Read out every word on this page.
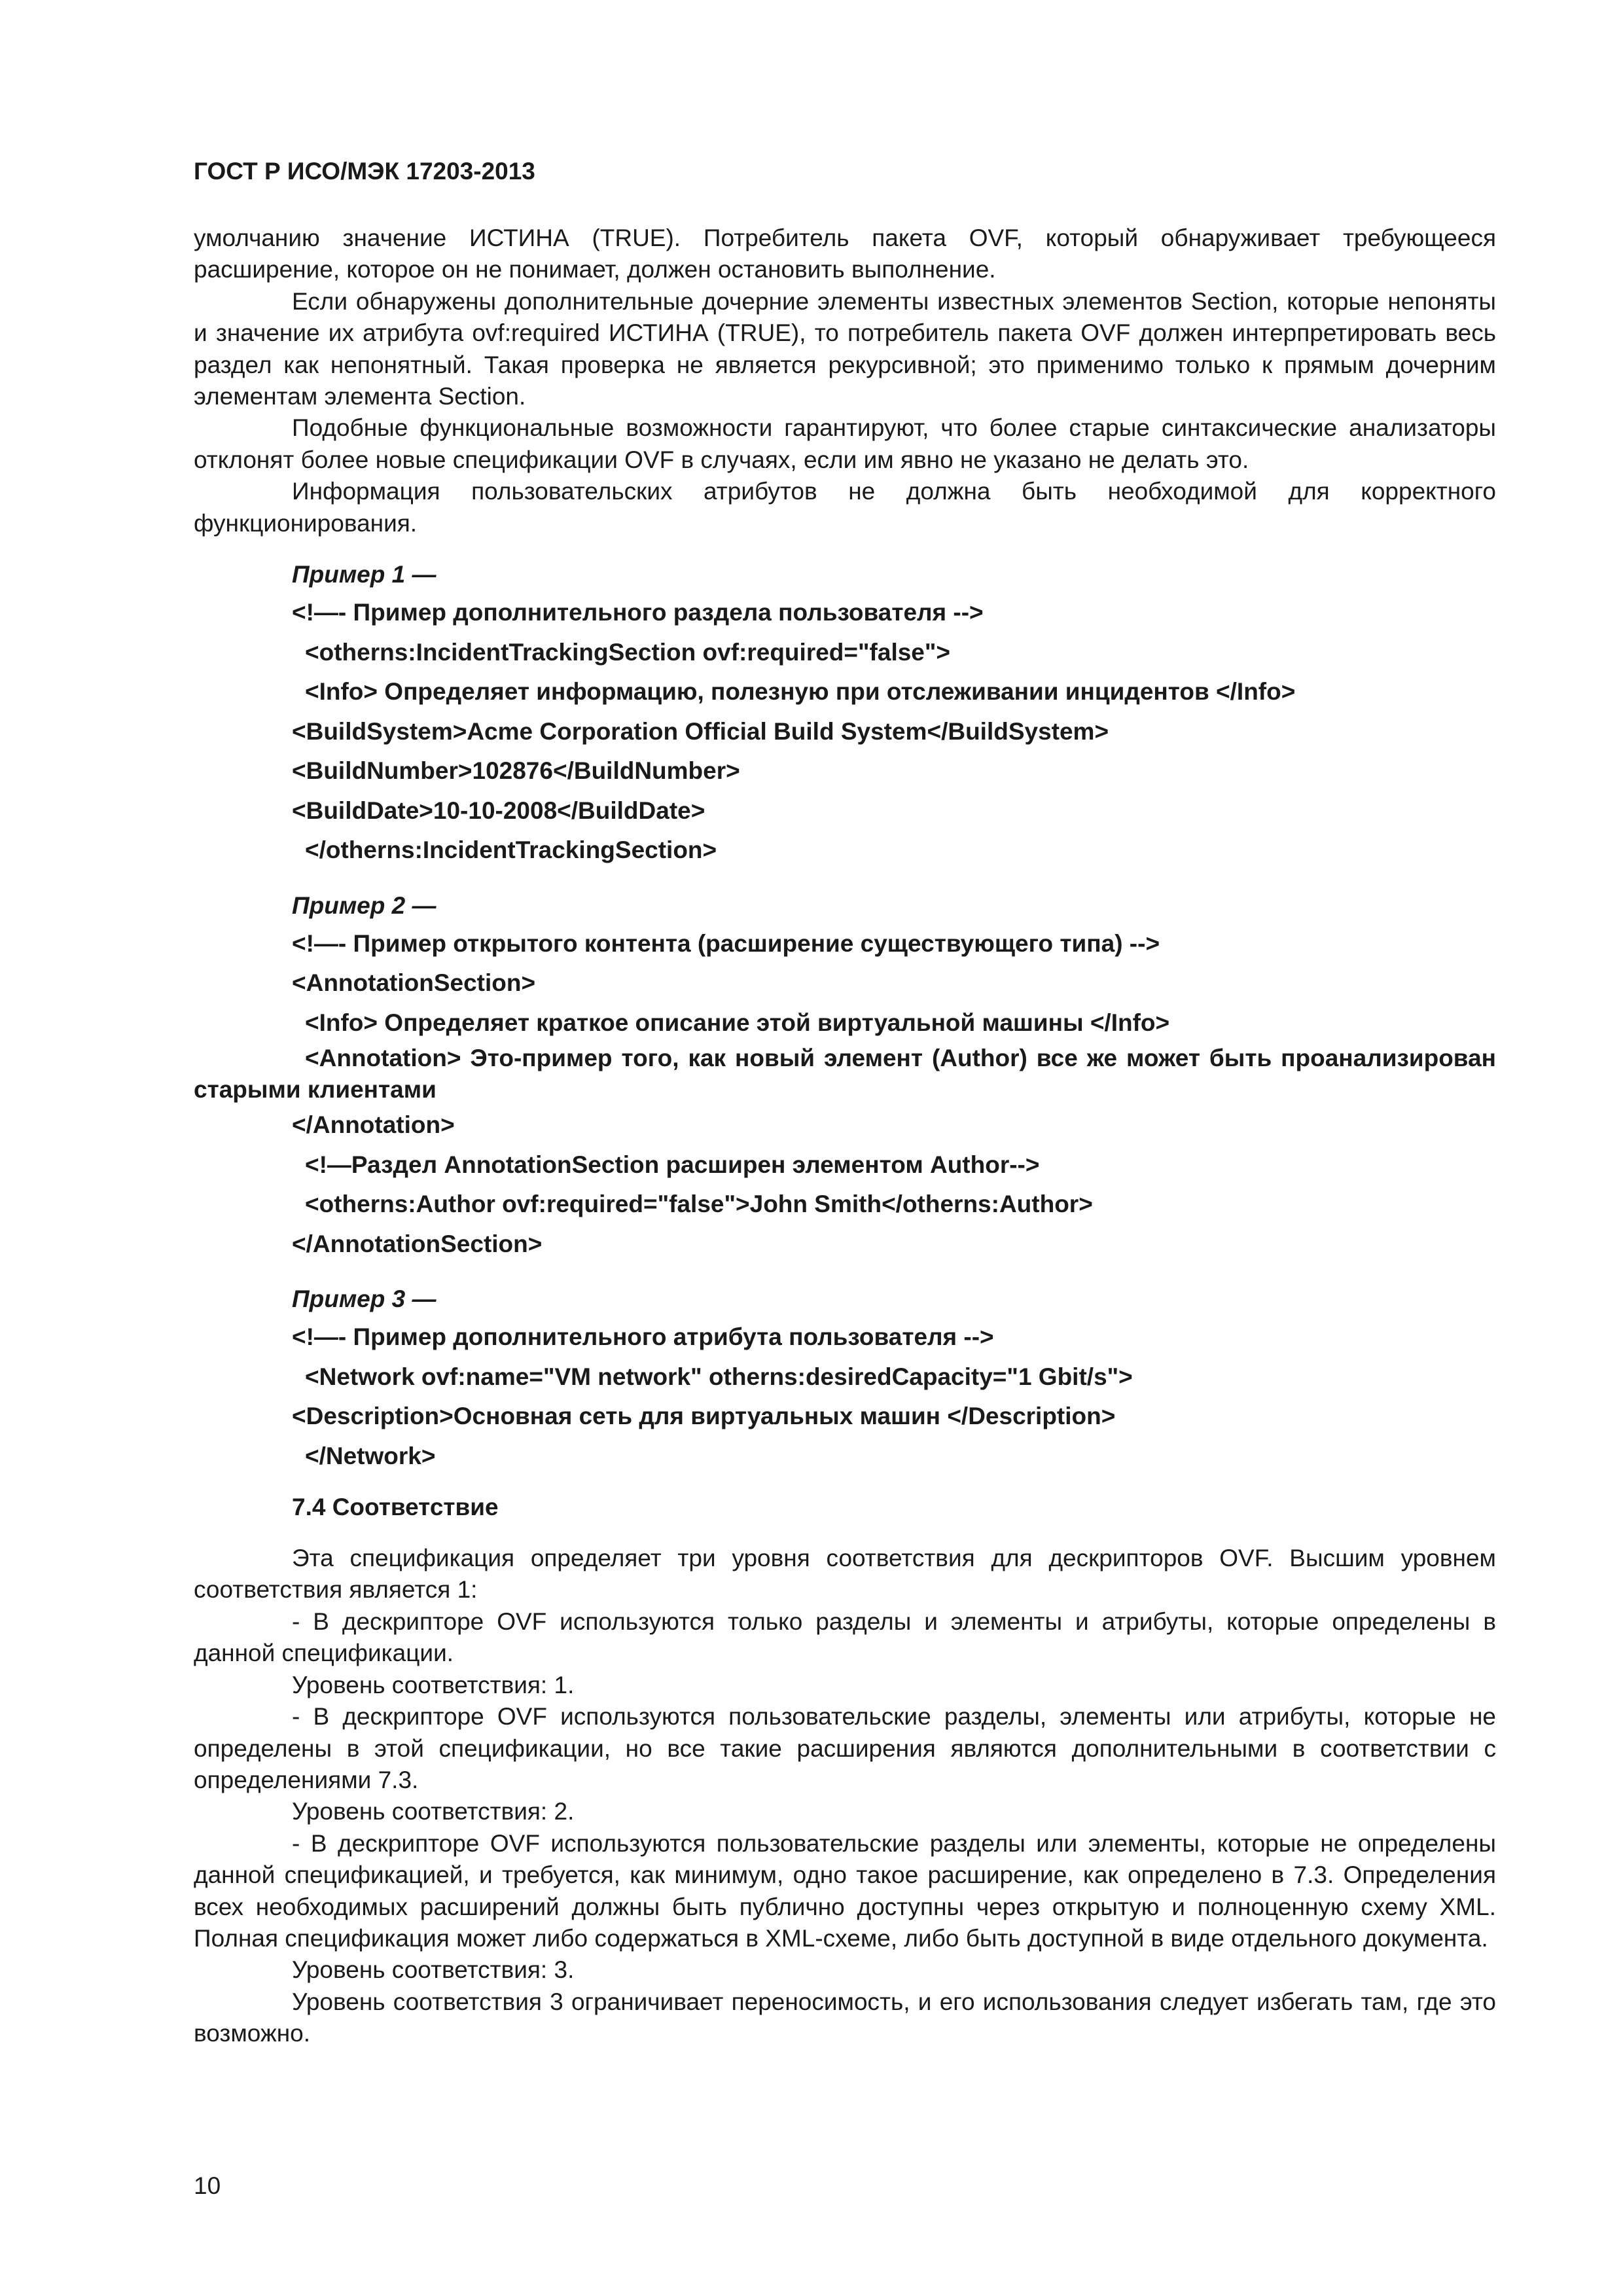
ГОСТ Р ИСО/МЭК 17203-2013

умолчанию значение ИСТИНА (TRUE). Потребитель пакета OVF, который обнаруживает требующееся расширение, которое он не понимает, должен остановить выполнение.

Если обнаружены дополнительные дочерние элементы известных элементов Section, которые непоняты и значение их атрибута ovf:required ИСТИНА (TRUE), то потребитель пакета OVF должен интерпретировать весь раздел как непонятный. Такая проверка не является рекурсивной; это применимо только к прямым дочерним элементам элемента Section.

Подобные функциональные возможности гарантируют, что более старые синтаксические анализаторы отклонят более новые спецификации OVF в случаях, если им явно не указано не делать это.

Информация пользовательских атрибутов не должна быть необходимой для корректного функционирования.

Пример 1 —
<!—- Пример дополнительного раздела пользователя -->
<otherns:IncidentTrackingSection ovf:required="false">
<Info> Определяет информацию, полезную при отслеживании инцидентов </Info>
<BuildSystem>Acme Corporation Official Build System</BuildSystem>
<BuildNumber>102876</BuildNumber>
<BuildDate>10-10-2008</BuildDate>
</otherns:IncidentTrackingSection>
Пример 2 —
<!—- Пример открытого контента (расширение существующего типа) -->
<AnnotationSection>
<Info> Определяет краткое описание этой виртуальной машины </Info>

<Annotation> Это-пример того, как новый элемент (Author) все же может быть проанализирован старыми клиентами

</Annotation>
<!—Раздел AnnotationSection расширен элементом Author-->
<otherns:Author ovf:required="false">John Smith</otherns:Author>
</AnnotationSection>
Пример 3 —
<!—- Пример дополнительного атрибута пользователя -->
<Network ovf:name="VM network" otherns:desiredCapacity="1 Gbit/s">
<Description>Основная сеть для виртуальных машин </Description>
</Network>
7.4 Соответствие

Эта спецификация определяет три уровня соответствия для дескрипторов OVF. Высшим уровнем соответствия является 1:

- В дескрипторе OVF используются только разделы и элементы и атрибуты, которые определены в данной спецификации.

Уровень соответствия: 1.

- В дескрипторе OVF используются пользовательские разделы, элементы или атрибуты, которые не определены в этой спецификации, но все такие расширения являются дополнительными в соответствии с определениями 7.3.

Уровень соответствия: 2.

- В дескрипторе OVF используются пользовательские разделы или элементы, которые не определены данной спецификацией, и требуется, как минимум, одно такое расширение, как определено в 7.3. Определения всех необходимых расширений должны быть публично доступны через открытую и полноценную схему XML. Полная спецификация может либо содержаться в XML-схеме, либо быть доступной в виде отдельного документа.

Уровень соответствия: 3.

Уровень соответствия 3 ограничивает переносимость, и его использования следует избегать там, где это возможно.

10
